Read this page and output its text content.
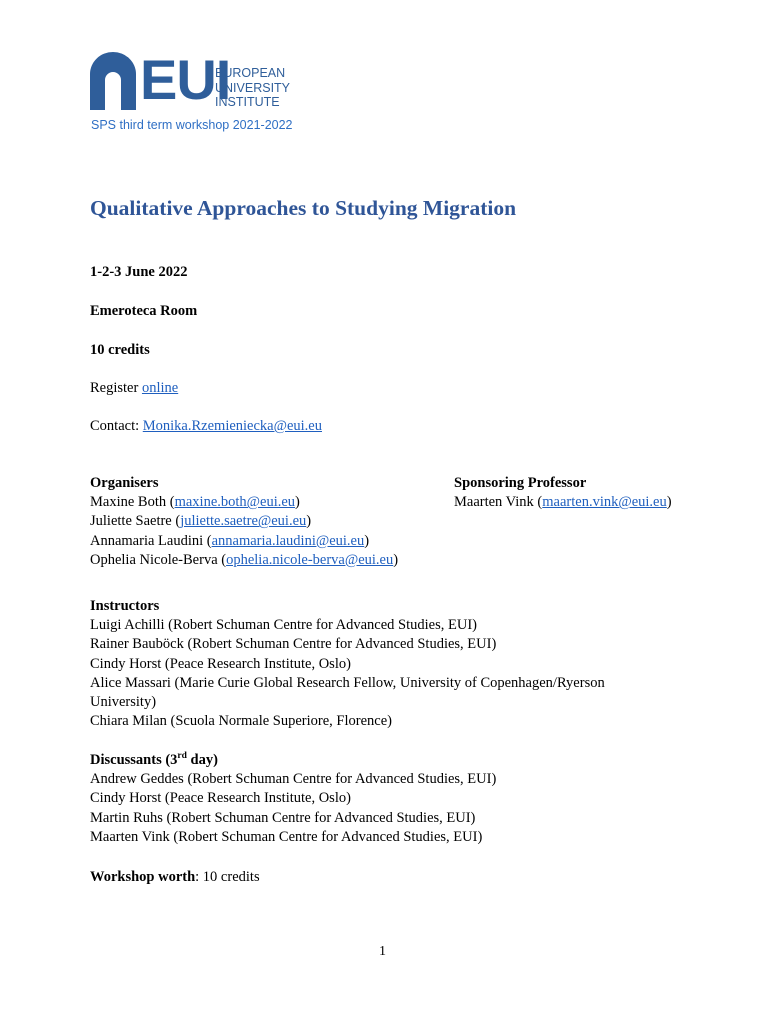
EUI
EUROPEAN
UNIVERSITY
INSTITUTE
SPS third term workshop 2021-2022
Qualitative Approaches to Studying Migration
1-2-3 June 2022
Emeroteca Room
10 credits
Register online
Contact: Monika.Rzemieniecka@eui.eu
Organisers
Maxine Both (maxine.both@eui.eu)
Juliette Saetre (juliette.saetre@eui.eu)
Annamaria Laudini (annamaria.laudini@eui.eu)
Ophelia Nicole-Berva (ophelia.nicole-berva@eui.eu)
Sponsoring Professor
Maarten Vink (maarten.vink@eui.eu)
Instructors
Luigi Achilli (Robert Schuman Centre for Advanced Studies, EUI)
Rainer Bauböck (Robert Schuman Centre for Advanced Studies, EUI)
Cindy Horst (Peace Research Institute, Oslo)
Alice Massari (Marie Curie Global Research Fellow, University of Copenhagen/Ryerson
University)
Chiara Milan (Scuola Normale Superiore, Florence)
Discussants (3rd day)
Andrew Geddes (Robert Schuman Centre for Advanced Studies, EUI)
Cindy Horst (Peace Research Institute, Oslo)
Martin Ruhs (Robert Schuman Centre for Advanced Studies, EUI)
Maarten Vink (Robert Schuman Centre for Advanced Studies, EUI)
Workshop worth: 10 credits
1
